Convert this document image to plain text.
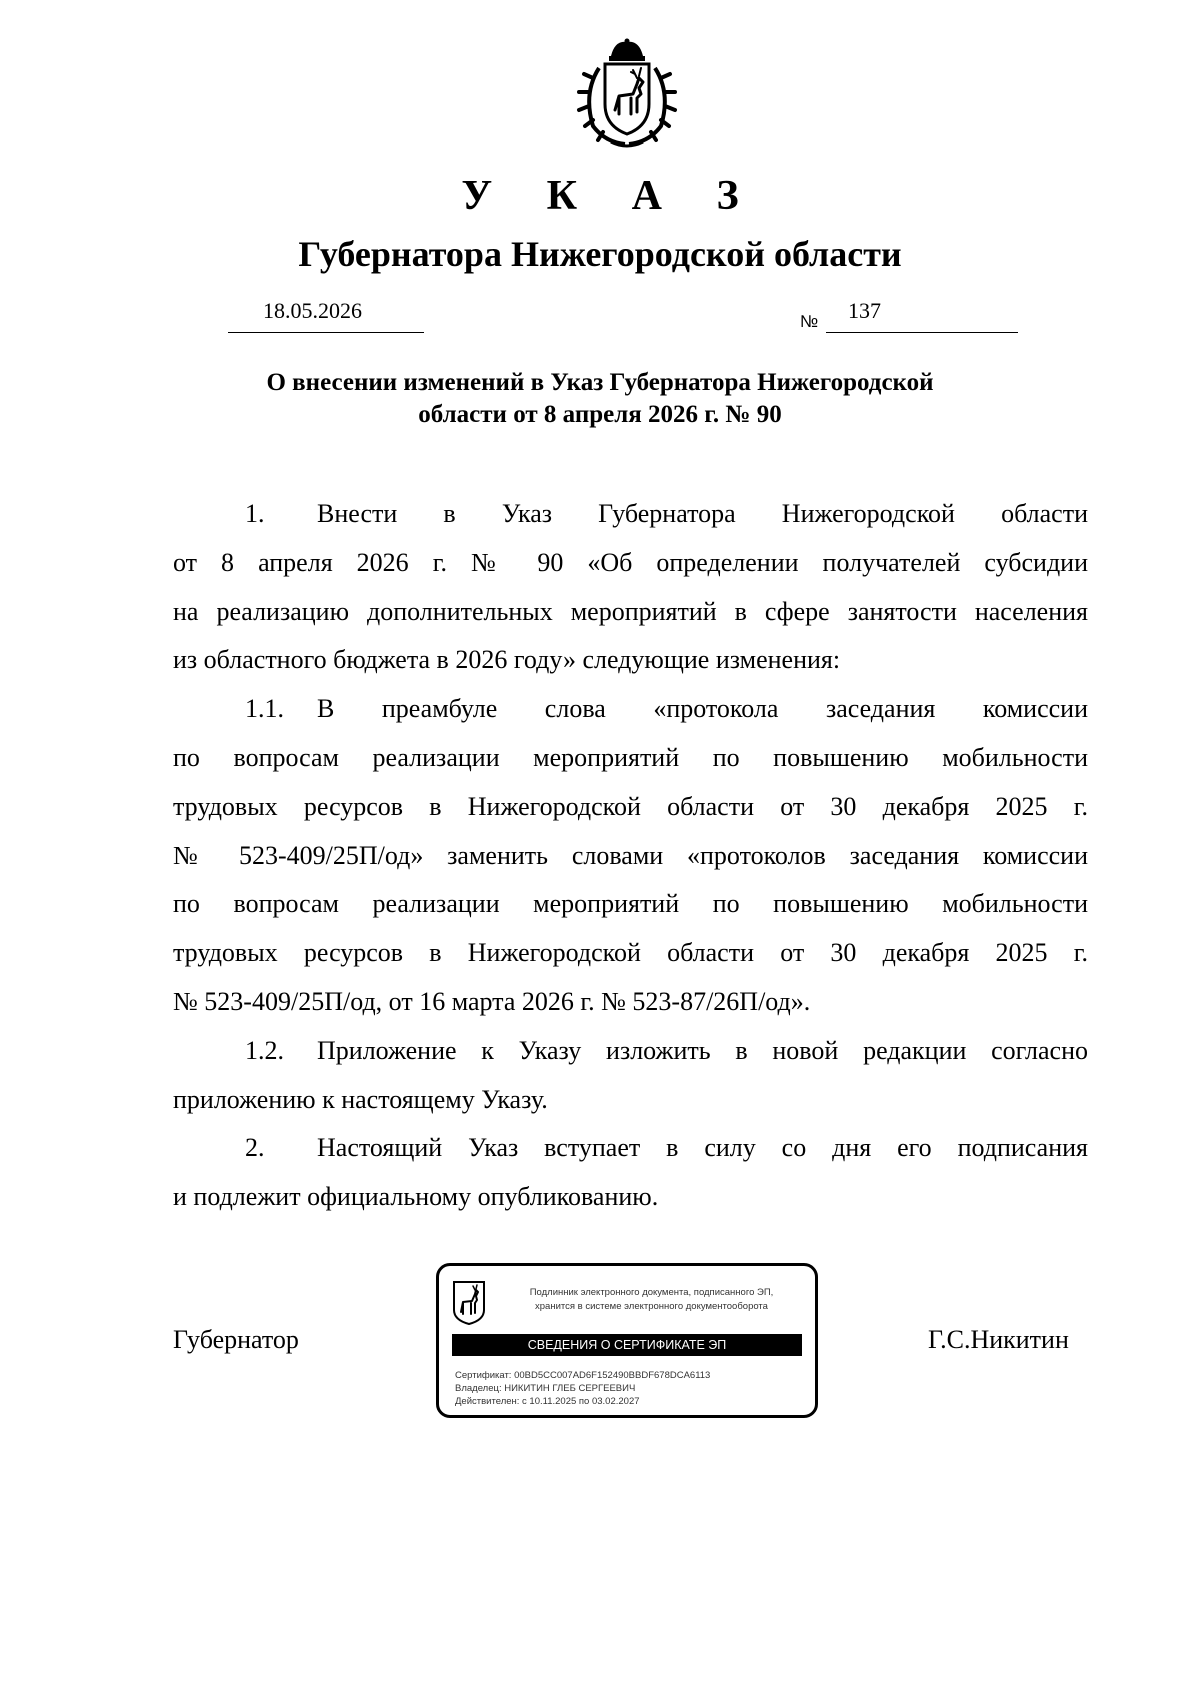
У К А З
Губернатора Нижегородской области
18.05.2026	№ 137
О внесении изменений в Указ Губернатора Нижегородской
области от 8 апреля 2026 г. № 90

1. Внести в Указ Губернатора Нижегородской области

от 8 апреля 2026 г. № 90 «Об определении получателей субсидии

на реализацию дополнительных мероприятий в сфере занятости населения

из областного бюджета в 2026 году» следующие изменения:

1.1. В преамбуле слова «протокола заседания комиссии

по вопросам реализации мероприятий по повышению мобильности

трудовых ресурсов в Нижегородской области от 30 декабря 2025 г.

№ 523-409/25П/од» заменить словами «протоколов заседания комиссии

по вопросам реализации мероприятий по повышению мобильности

трудовых ресурсов в Нижегородской области от 30 декабря 2025 г.

№ 523-409/25П/од, от 16 марта 2026 г. № 523-87/26П/од».

1.2. Приложение к Указу изложить в новой редакции согласно

приложению к настоящему Указу.

2. Настоящий Указ вступает в силу со дня его подписания

и подлежит официальному опубликованию.

Губернатор	Г.С.Никитин
Подлинник электронного документа, подписанного ЭП,
хранится в системе электронного документооборота
СВЕДЕНИЯ О СЕРТИФИКАТЕ ЭП
Сертификат: 00BD5CC007AD6F152490BBDF678DCA6113
Владелец: НИКИТИН ГЛЕБ СЕРГЕЕВИЧ
Действителен: с 10.11.2025 по 03.02.2027
